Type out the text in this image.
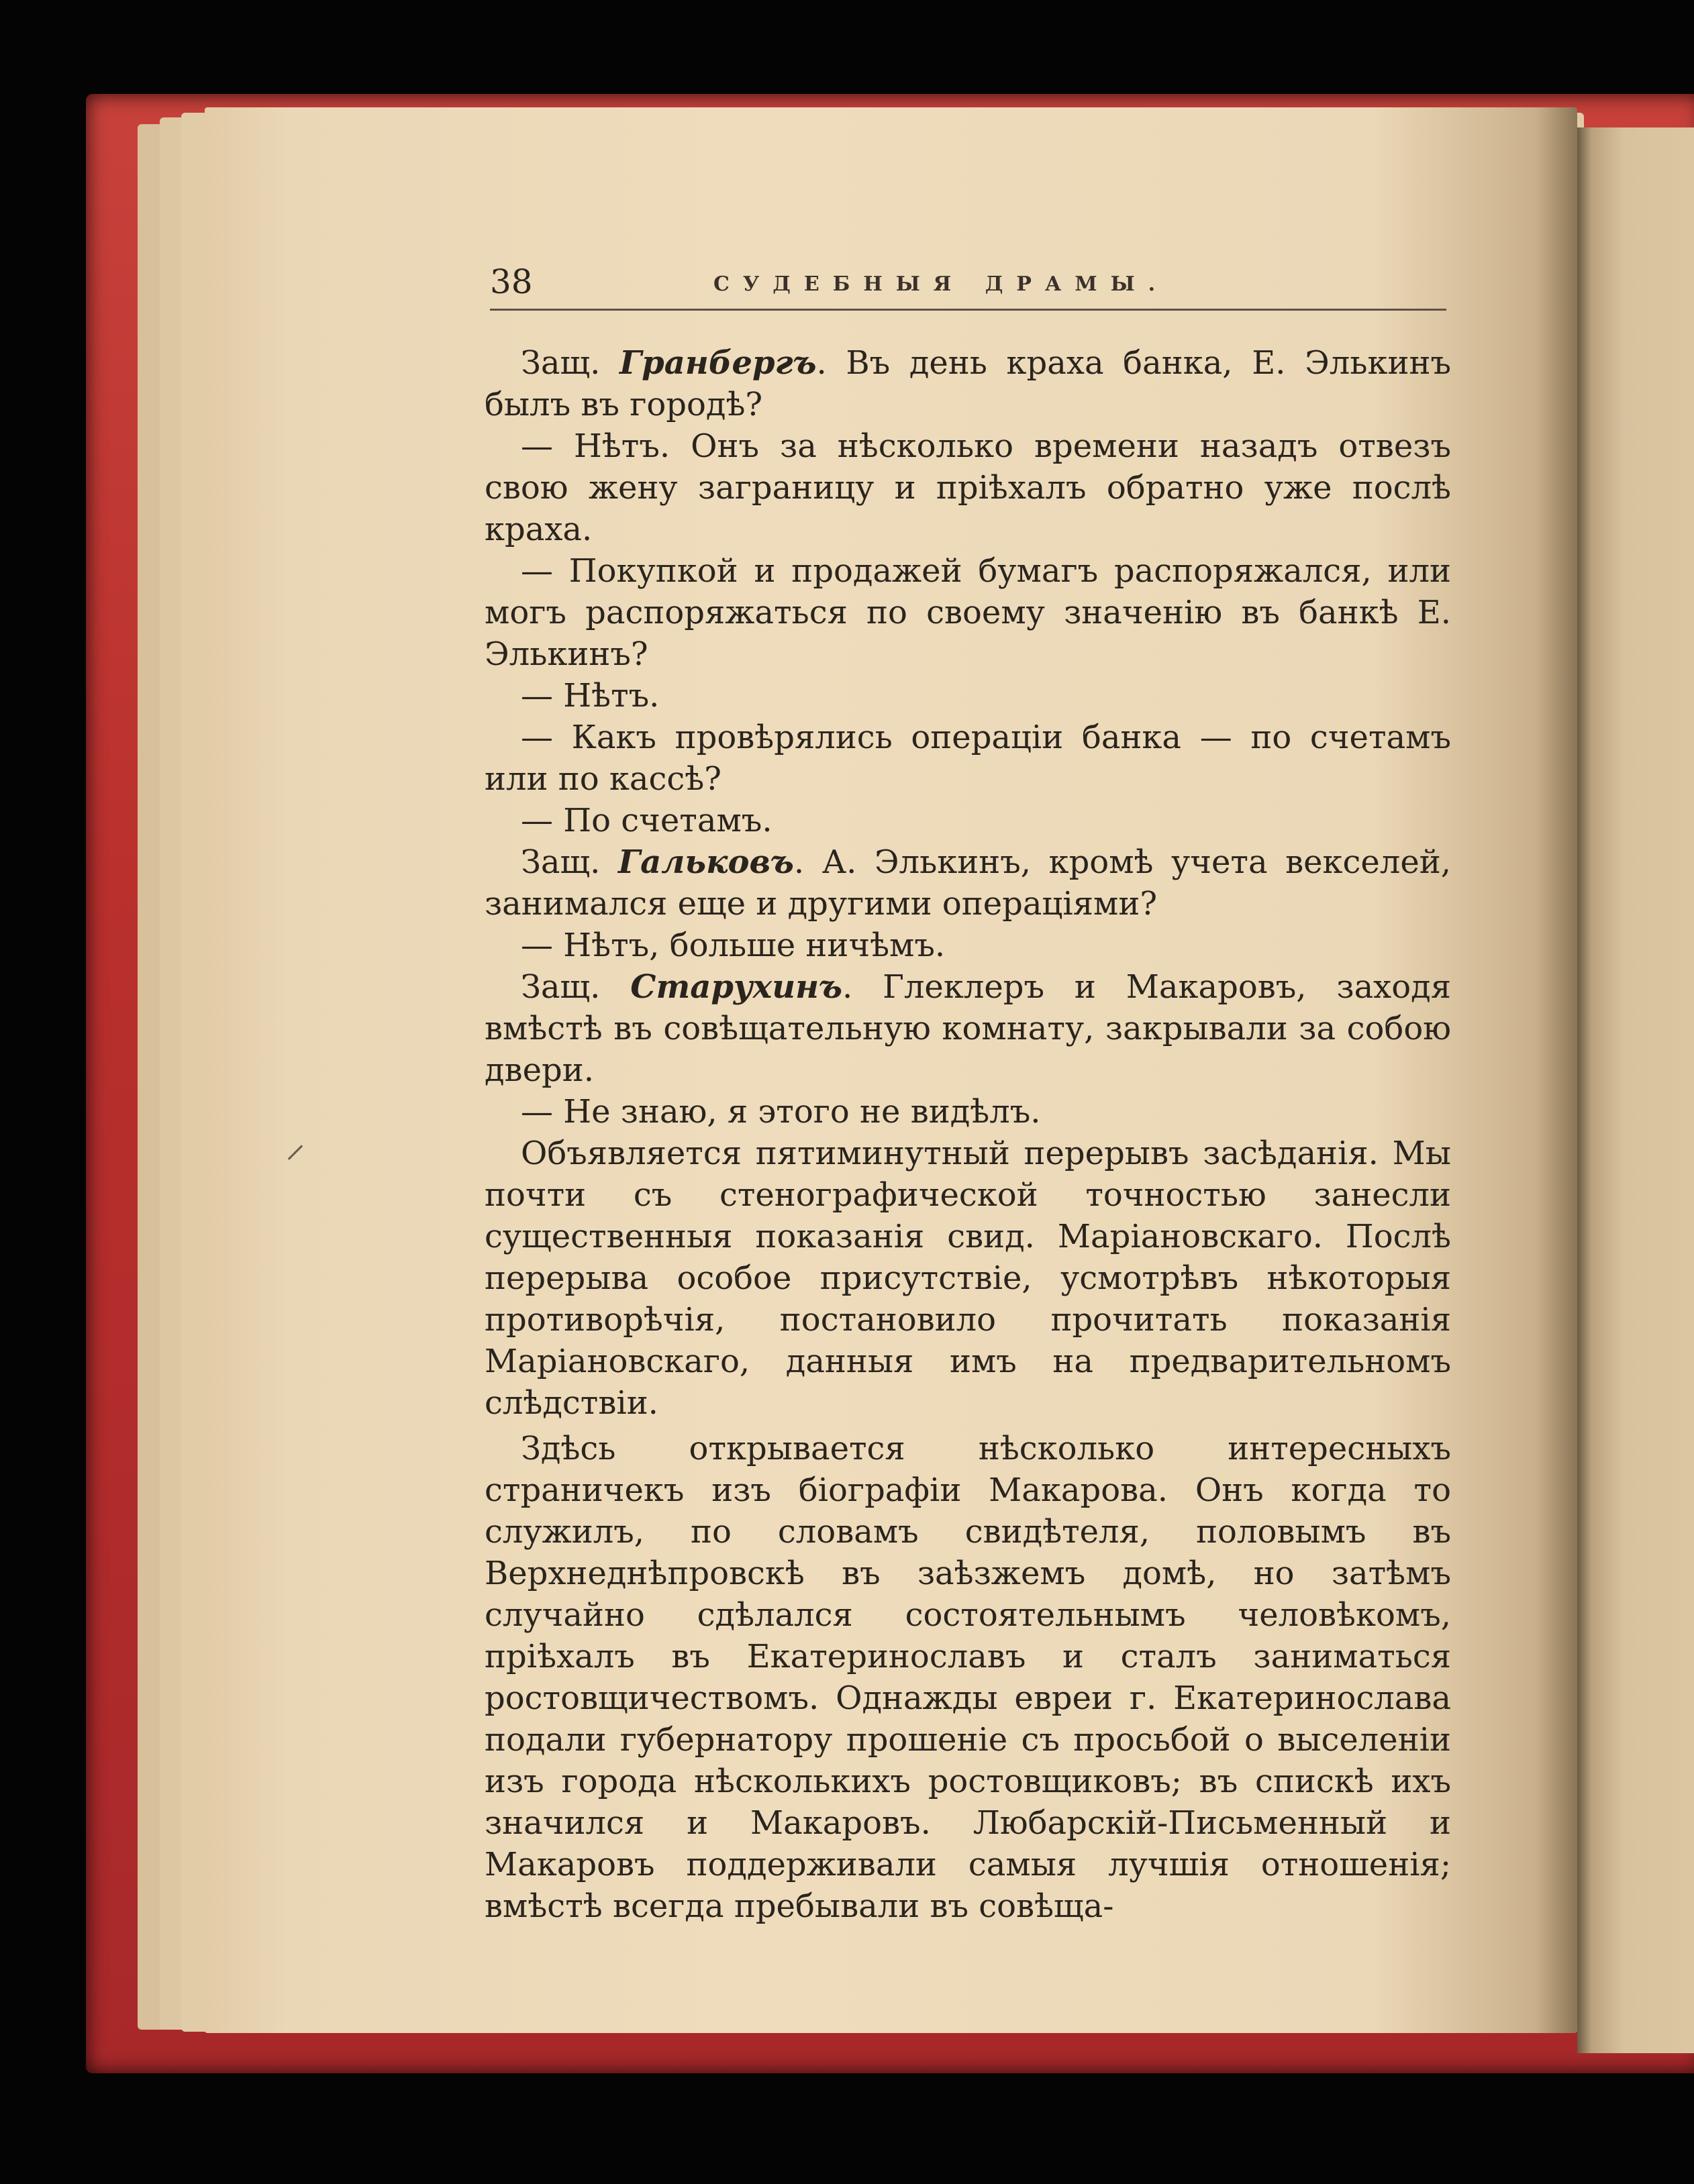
38	СУДЕБНЫЯ ДРАМЫ.
⸝

Защ. Гранбергъ. Въ день краха банка, Е. Элькинъ былъ въ городѣ?

— Нѣтъ. Онъ за нѣсколько времени назадъ отвезъ свою жену заграницу и пріѣхалъ обратно уже послѣ краха.

— Покупкой и продажей бумагъ распоряжался, или могъ распоряжаться по своему значенію въ банкѣ Е. Элькинъ?

— Нѣтъ.

— Какъ провѣрялись операціи банка — по счетамъ или по кассѣ?

— По счетамъ.

Защ. Гальковъ. А. Элькинъ, кромѣ учета векселей, занимался еще и другими операціями?

— Нѣтъ, больше ничѣмъ.

Защ. Старухинъ. Глеклеръ и Макаровъ, заходя вмѣстѣ въ совѣщательную комнату, закрывали за собою двери.

— Не знаю, я этого не видѣлъ.

Объявляется пятиминутный перерывъ засѣданія. Мы почти съ стенографической точностью занесли существенныя показанія свид. Маріановскаго. Послѣ перерыва особое присутствіе, усмотрѣвъ нѣкоторыя противорѣчія, постановило прочитать показанія Маріановскаго, данныя имъ на предварительномъ слѣдствіи.

Здѣсь открывается нѣсколько интересныхъ страничекъ изъ біографіи Макарова. Онъ когда то служилъ, по словамъ свидѣтеля, половымъ въ Верхнеднѣпровскѣ въ заѣзжемъ домѣ, но затѣмъ случайно сдѣлался состоятельнымъ человѣкомъ, пріѣхалъ въ Екатеринославъ и сталъ заниматься ростовщичествомъ. Однажды евреи г. Екатеринослава подали губернатору прошеніе съ просьбой о выселеніи изъ города нѣсколькихъ ростовщиковъ; въ спискѣ ихъ значился и Макаровъ. Любарскій-Письменный и Макаровъ поддерживали самыя лучшія отношенія; вмѣстѣ всегда пребывали въ совѣща-
